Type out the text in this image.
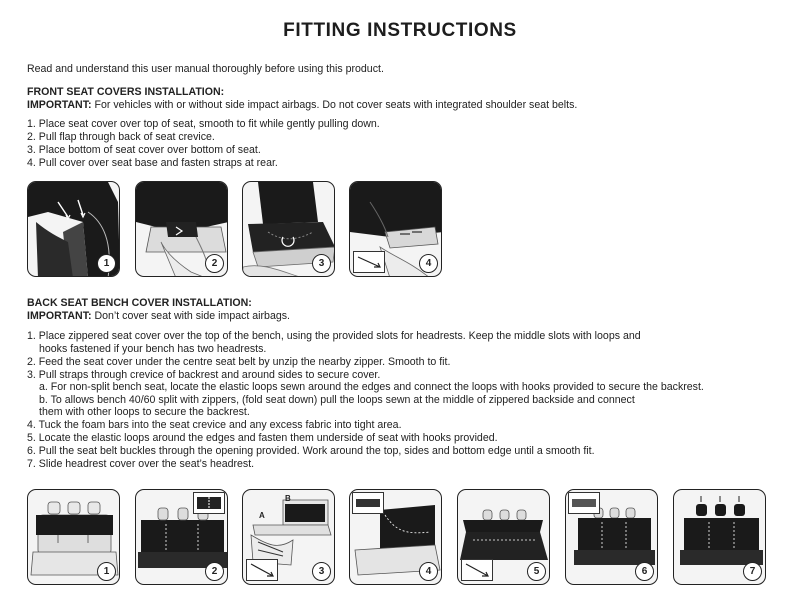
FITTING INSTRUCTIONS
Read and understand this user manual thoroughly before using this product.
FRONT SEAT COVERS INSTALLATION:
IMPORTANT: For vehicles with or without side impact airbags. Do not cover seats with integrated shoulder seat belts.
1. Place seat cover over top of seat, smooth to fit while gently pulling down.
2. Pull flap through back of seat crevice.
3. Place bottom of seat cover over bottom of seat.
4. Pull cover over seat base and fasten straps at rear.
1	2	3	4
BACK SEAT BENCH COVER INSTALLATION:
IMPORTANT: Don’t cover seat with side impact airbags.
1. Place zippered seat cover over the top of the bench, using the provided slots for headrests. Keep the middle slots with loops and
hooks fastened if your bench has two headrests.
2. Feed the seat cover under the centre seat belt by unzip the nearby zipper. Smooth to fit.
3. Pull straps through crevice of backrest and around sides to secure cover.
a. For non-split bench seat, locate the elastic loops sewn around the edges and connect the loops with hooks provided to secure the backrest.
b. To allows bench 40/60 split with zippers, (fold seat down) pull the loops sewn at the middle of zippered backside and connect
them with other loops to secure the backrest.
4. Tuck the foam bars into the seat crevice and any excess fabric into tight area.
5. Locate the elastic loops around the edges and fasten them underside of seat with hooks provided.
6. Pull the seat belt buckles through the opening provided. Work around the top, sides and bottom edge until a smooth fit.
7. Slide headrest cover over the seat’s headrest.
1	2
A
B
3	4	5	6	7
